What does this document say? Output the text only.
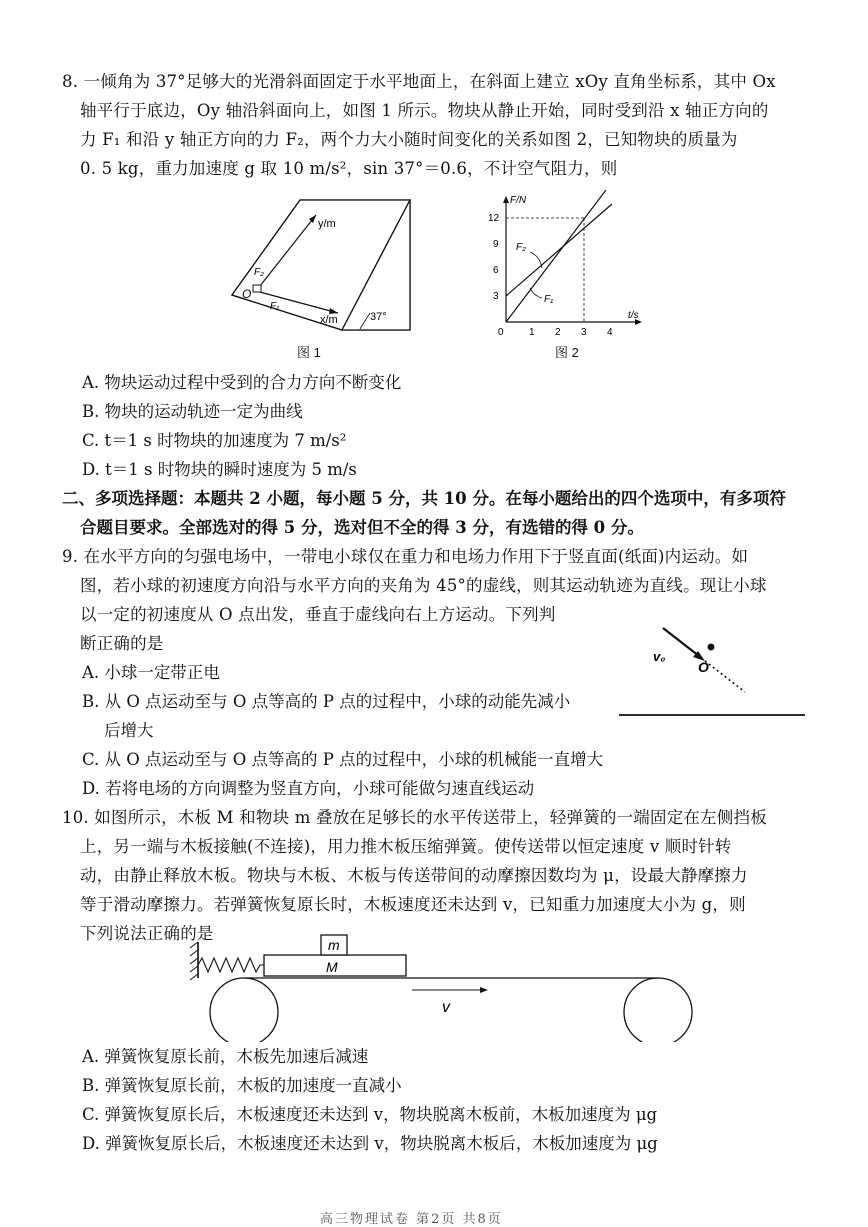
8. 一倾角为 37°足够大的光滑斜面固定于水平地面上，在斜面上建立 xOy 直角坐标系，其中 Ox
轴平行于底边，Oy 轴沿斜面向上，如图 1 所示。物块从静止开始，同时受到沿 x 轴正方向的
力 F₁ 和沿 y 轴正方向的力 F₂，两个力大小随时间变化的关系如图 2，已知物块的质量为
0. 5 kg，重力加速度 g 取 10 m/s²，sin 37°＝0.6，不计空气阻力，则
y/m
x/m
O
F₂
F₁
37°
图 1
F/N
t/s
0
3
6
9
12
1 2 3 4
F₂
F₁
图 2
A. 物块运动过程中受到的合力方向不断变化
B. 物块的运动轨迹一定为曲线
C. t＝1 s 时物块的加速度为 7 m/s²
D. t＝1 s 时物块的瞬时速度为 5 m/s
二、多项选择题：本题共 2 小题，每小题 5 分，共 10 分。在每小题给出的四个选项中，有多项符
合题目要求。全部选对的得 5 分，选对但不全的得 3 分，有选错的得 0 分。
9. 在水平方向的匀强电场中，一带电小球仅在重力和电场力作用下于竖直面(纸面)内运动。如
图，若小球的初速度方向沿与水平方向的夹角为 45°的虚线，则其运动轨迹为直线。现让小球
以一定的初速度从 O 点出发，垂直于虚线向右上方运动。下列判
断正确的是
v₀
O
A. 小球一定带正电
B. 从 O 点运动至与 O 点等高的 P 点的过程中，小球的动能先减小
后增大
C. 从 O 点运动至与 O 点等高的 P 点的过程中，小球的机械能一直增大
D. 若将电场的方向调整为竖直方向，小球可能做匀速直线运动
10. 如图所示，木板 M 和物块 m 叠放在足够长的水平传送带上，轻弹簧的一端固定在左侧挡板
上，另一端与木板接触(不连接)，用力推木板压缩弹簧。使传送带以恒定速度 v 顺时针转
动，由静止释放木板。物块与木板、木板与传送带间的动摩擦因数均为 μ，设最大静摩擦力
等于滑动摩擦力。若弹簧恢复原长时，木板速度还未达到 v，已知重力加速度大小为 g，则
下列说法正确的是
M
m
v
A. 弹簧恢复原长前，木板先加速后减速
B. 弹簧恢复原长前，木板的加速度一直减小
C. 弹簧恢复原长后，木板速度还未达到 v，物块脱离木板前，木板加速度为 μg
D. 弹簧恢复原长后，木板速度还未达到 v，物块脱离木板后，木板加速度为 μg
高三物理试卷 第2页 共8页
